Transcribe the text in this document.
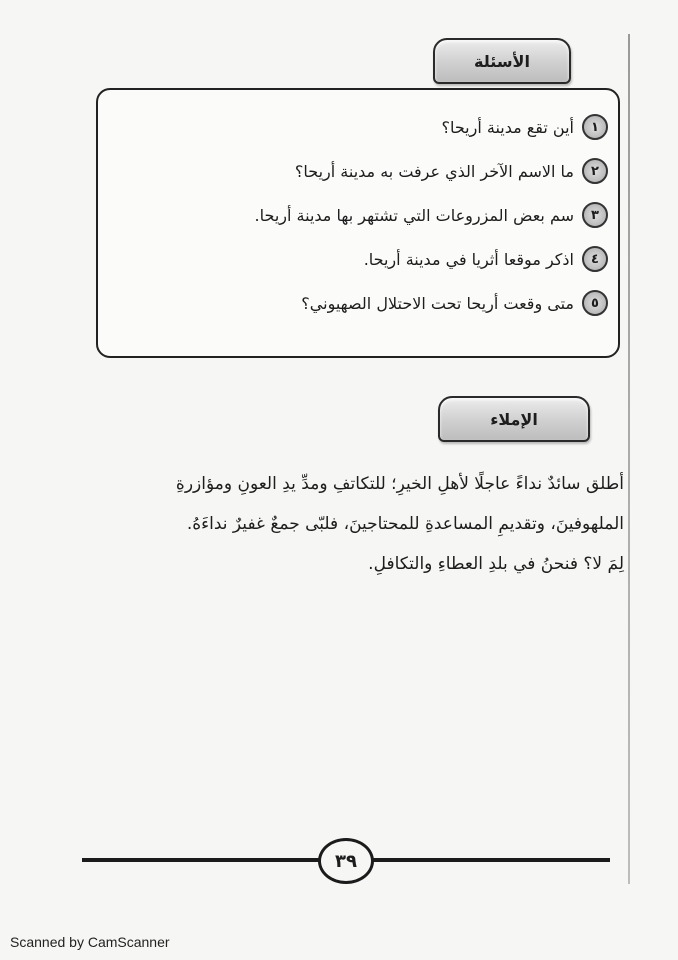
الأسئلة
١
أين تقع مدينة أريحا؟
٢
ما الاسم الآخر الذي عرفت به مدينة أريحا؟
٣
سم بعض المزروعات التي تشتهر بها مدينة أريحا.
٤
اذكر موقعا أثريا في مدينة أريحا.
٥
متى وقعت أريحا تحت الاحتلال الصهيوني؟
الإملاء

أطلق سائدٌ نداءً عاجلًا لأهلِ الخيرِ؛ للتكاتفِ ومدِّ يدِ العونِ ومؤازرةِ

الملهوفينَ، وتقديمِ المساعدةِ للمحتاجينَ، فلبّى جمعٌ غفيرٌ نداءَهُ.

لِمَ لا؟ فنحنُ في بلدِ العطاءِ والتكافلِ.

٣٩
Scanned by CamScanner
